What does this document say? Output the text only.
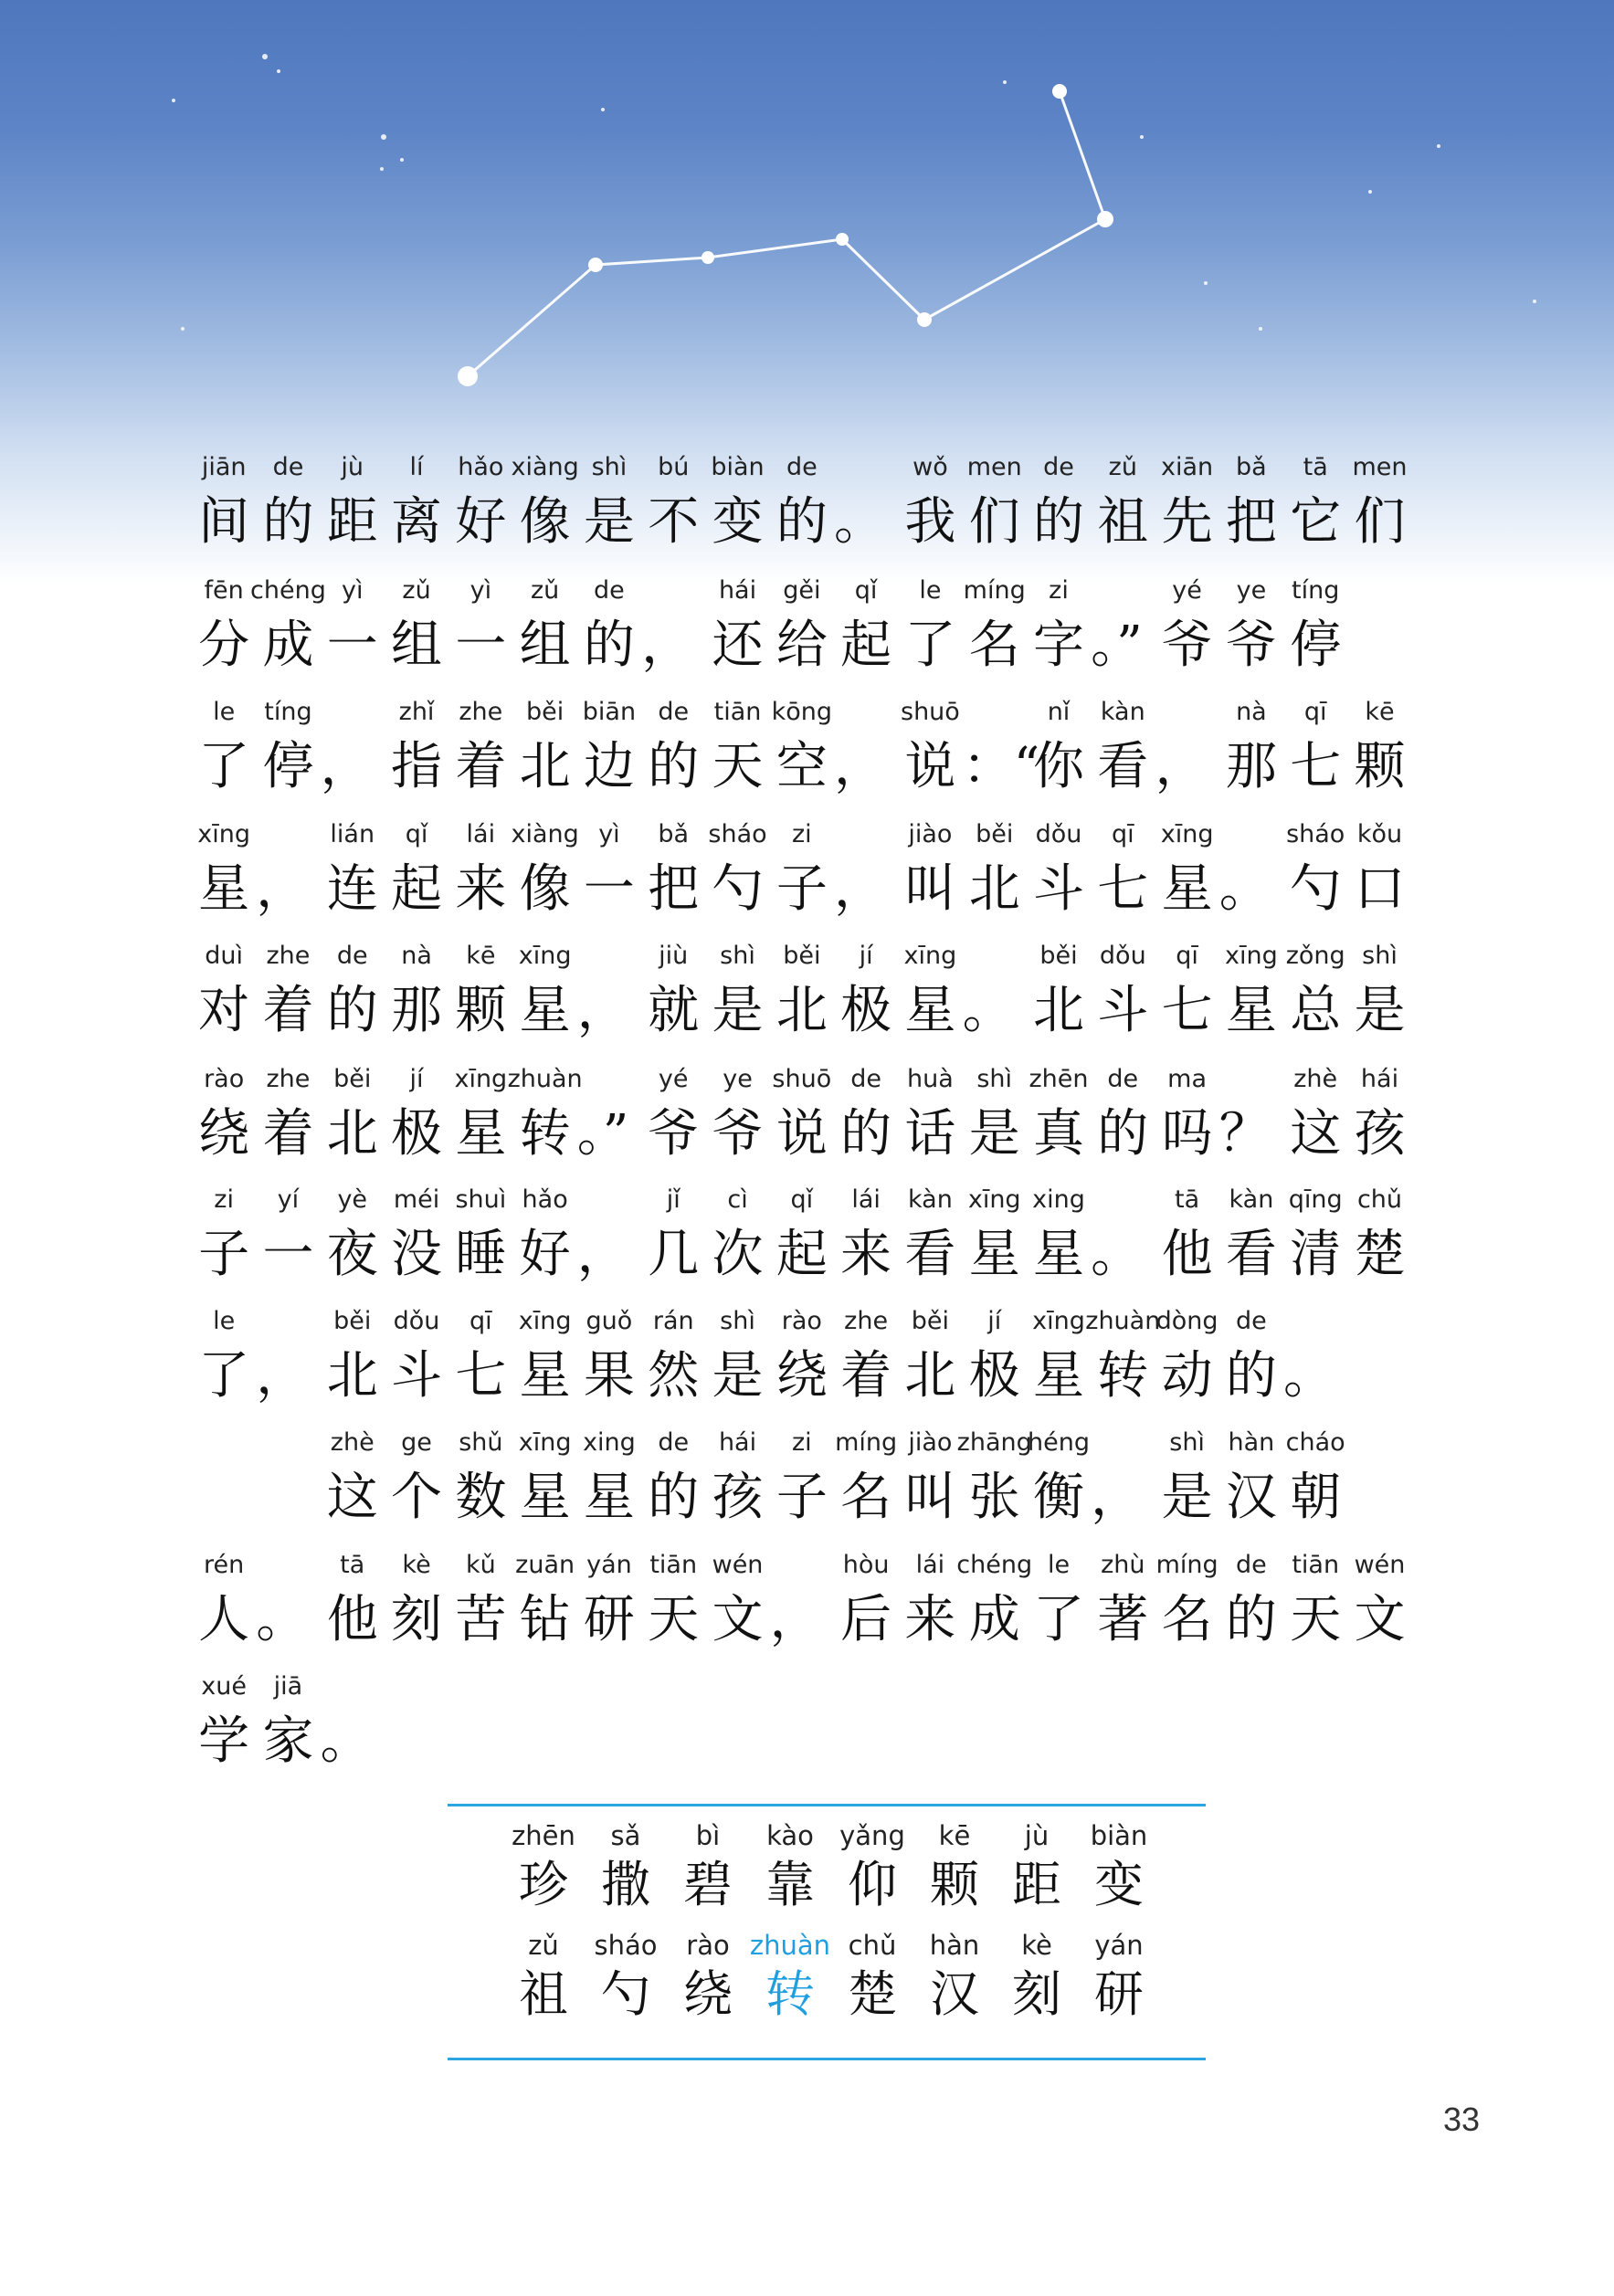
jiān
间
de
的
jù
距
lí
离
hǎo
好
xiàng
像
shì
是
bú
不
biàn
变
de
的 。
wǒ
我
men
们
de
的
zǔ
祖
xiān
先
bǎ
把
tā
它
men
们
fēn
分
chéng
成
yì
一
zǔ
组
yì
一
zǔ
组
de
的 ，
hái
还
gěi
给
qǐ
起
le
了
míng
名
zi
字 。”
yé
爷
ye
爷
tíng
停
le
了
tíng
停 ，
zhǐ
指
zhe
着
běi
北
biān
边
de
的
tiān
天
kōng
空 ，
shuō
说 ：“
nǐ
你
kàn
看 ，
nà
那
qī
七
kē
颗
xīng
星 ，
lián
连
qǐ
起
lái
来
xiàng
像
yì
一
bǎ
把
sháo
勺
zi
子 ，
jiào
叫
běi
北
dǒu
斗
qī
七
xīng
星 。
sháo
勺
kǒu
口
duì
对
zhe
着
de
的
nà
那
kē
颗
xīng
星 ，
jiù
就
shì
是
běi
北
jí
极
xīng
星 。
běi
北
dǒu
斗
qī
七
xīng
星
zǒng
总
shì
是
rào
绕
zhe
着
běi
北
jí
极
xīng
星
zhuàn
转 。”
yé
爷
ye
爷
shuō
说
de
的
huà
话
shì
是
zhēn
真
de
的
ma
吗 ？
zhè
这
hái
孩
zi
子
yí
一
yè
夜
méi
没
shuì
睡
hǎo
好 ，
jǐ
几
cì
次
qǐ
起
lái
来
kàn
看
xīng
星
xing
星 。
tā
他
kàn
看
qīng
清
chǔ
楚
le
了 ，
běi
北
dǒu
斗
qī
七
xīng
星
guǒ
果
rán
然
shì
是
rào
绕
zhe
着
běi
北
jí
极
xīng
星
zhuàn
转
dòng
动
de
的 。
zhè
这
ge
个
shǔ
数
xīng
星
xing
星
de
的
hái
孩
zi
子
míng
名
jiào
叫
zhāng
张
héng
衡 ，
shì
是
hàn
汉
cháo
朝
rén
人 。
tā
他
kè
刻
kǔ
苦
zuān
钻
yán
研
tiān
天
wén
文 ，
hòu
后
lái
来
chéng
成
le
了
zhù
著
míng
名
de
的
tiān
天
wén
文
xué
学
jiā
家 。
zhēn
珍
sǎ
撒
bì
碧
kào
靠
yǎng
仰
kē
颗
jù
距
biàn
变
zǔ
祖
sháo
勺
rào
绕
zhuàn
转
chǔ
楚
hàn
汉
kè
刻
yán
研
33
